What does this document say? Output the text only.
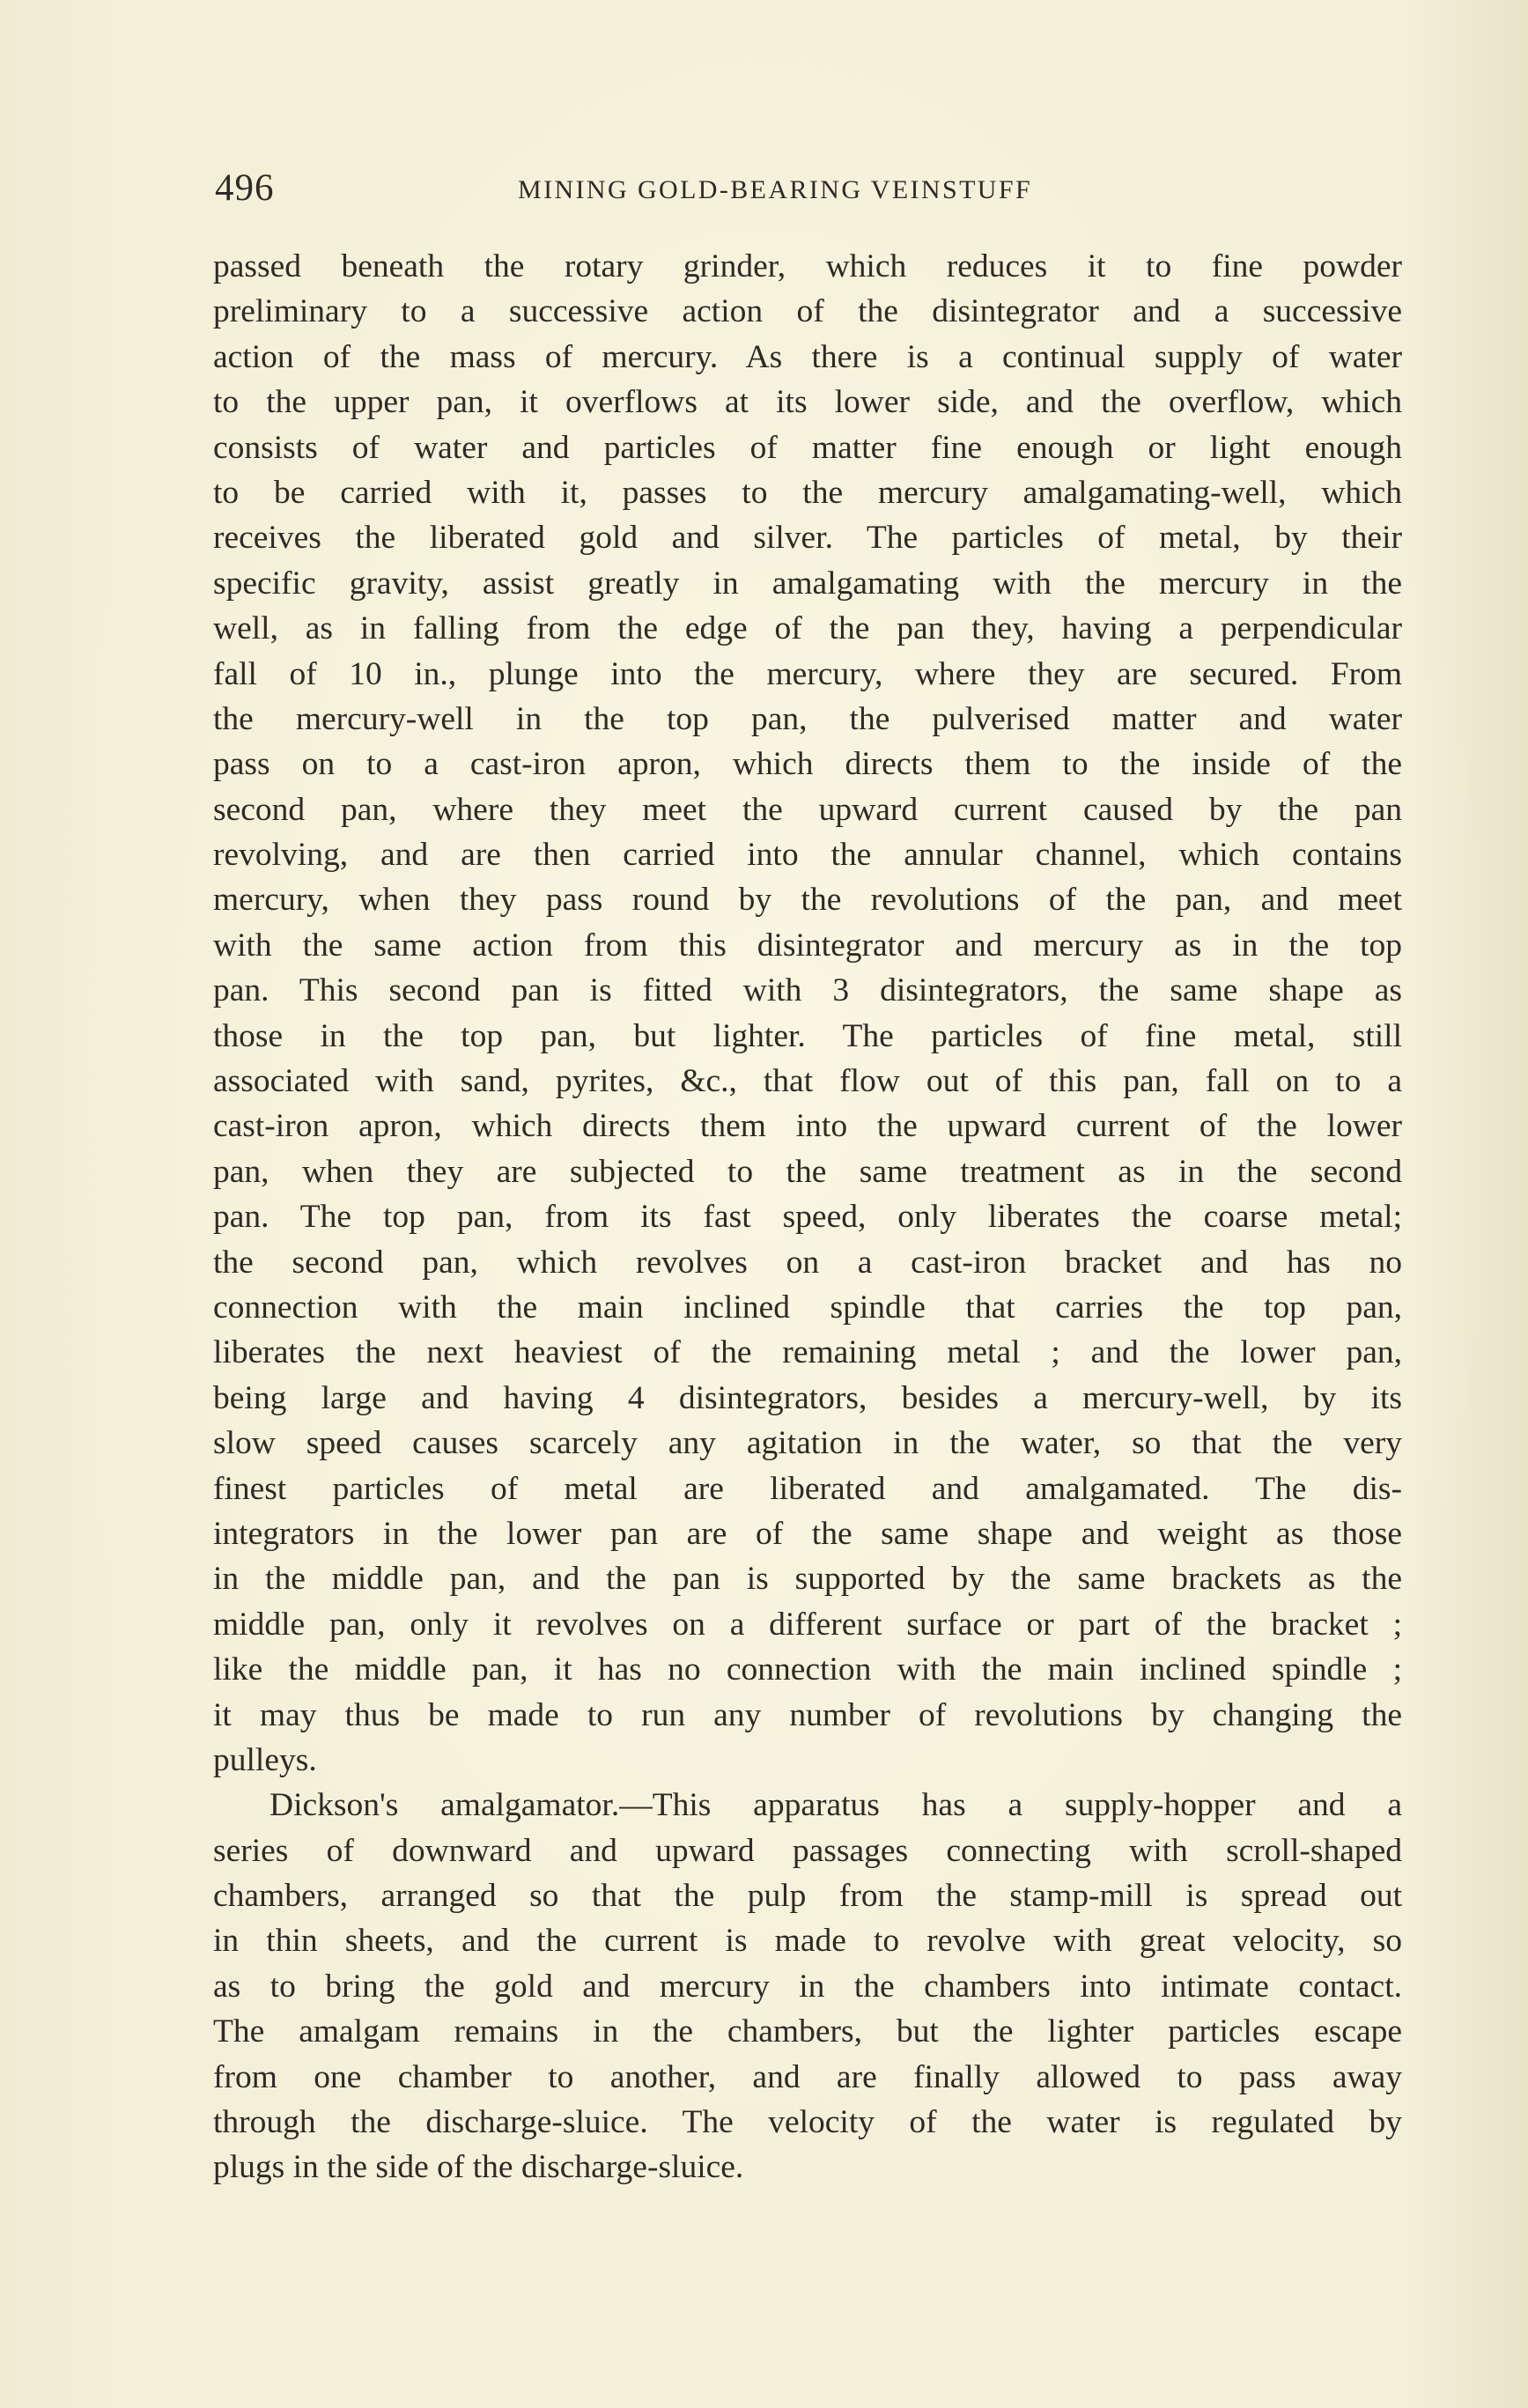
496	MINING GOLD-BEARING VEINSTUFF
passed beneath the rotary grinder, which reduces it to fine powder
preliminary to a successive action of the disintegrator and a successive
action of the mass of mercury. As there is a continual supply of water
to the upper pan, it overflows at its lower side, and the overflow, which
consists of water and particles of matter fine enough or light enough
to be carried with it, passes to the mercury amalgamating-well, which
receives the liberated gold and silver. The particles of metal, by their
specific gravity, assist greatly in amalgamating with the mercury in the
well, as in falling from the edge of the pan they, having a perpendicular
fall of 10 in., plunge into the mercury, where they are secured. From
the mercury-well in the top pan, the pulverised matter and water
pass on to a cast-iron apron, which directs them to the inside of the
second pan, where they meet the upward current caused by the pan
revolving, and are then carried into the annular channel, which contains
mercury, when they pass round by the revolutions of the pan, and meet
with the same action from this disintegrator and mercury as in the top
pan. This second pan is fitted with 3 disintegrators, the same shape as
those in the top pan, but lighter. The particles of fine metal, still
associated with sand, pyrites, &c., that flow out of this pan, fall on to a
cast-iron apron, which directs them into the upward current of the lower
pan, when they are subjected to the same treatment as in the second
pan. The top pan, from its fast speed, only liberates the coarse metal;
the second pan, which revolves on a cast-iron bracket and has no
connection with the main inclined spindle that carries the top pan,
liberates the next heaviest of the remaining metal ; and the lower pan,
being large and having 4 disintegrators, besides a mercury-well, by its
slow speed causes scarcely any agitation in the water, so that the very
finest particles of metal are liberated and amalgamated. The dis-
integrators in the lower pan are of the same shape and weight as those
in the middle pan, and the pan is supported by the same brackets as the
middle pan, only it revolves on a different surface or part of the bracket ;
like the middle pan, it has no connection with the main inclined spindle ;
it may thus be made to run any number of revolutions by changing the
pulleys.
Dickson's amalgamator.—This apparatus has a supply-hopper and a
series of downward and upward passages connecting with scroll-shaped
chambers, arranged so that the pulp from the stamp-mill is spread out
in thin sheets, and the current is made to revolve with great velocity, so
as to bring the gold and mercury in the chambers into intimate contact.
The amalgam remains in the chambers, but the lighter particles escape
from one chamber to another, and are finally allowed to pass away
through the discharge-sluice. The velocity of the water is regulated by
plugs in the side of the discharge-sluice.
